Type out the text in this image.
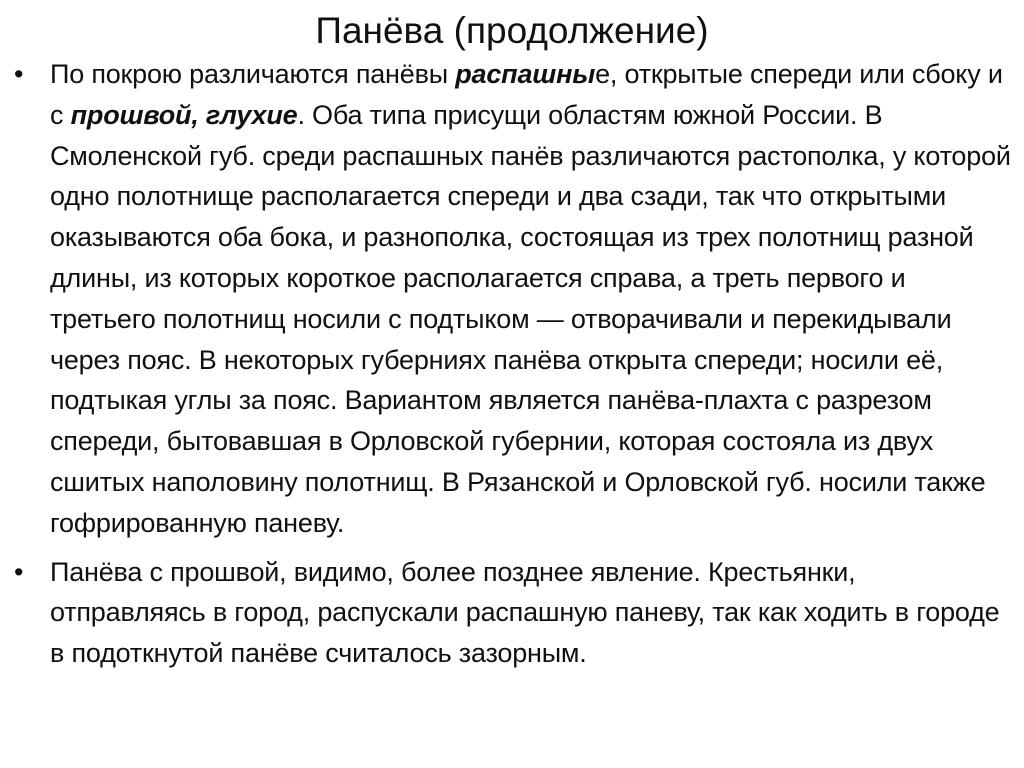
Панёва (продолжение)
• По покрою различаются панёвы распашные, открытые спереди или сбоку и с прошвой, глухие. Оба типа присущи областям южной России. В Смоленской губ. среди распашных панёв различаются растополка, у которой одно полотнище располагается спереди и два сзади, так что открытыми оказываются оба бока, и разнополка, состоящая из трех полотнищ разной длины, из которых короткое располагается справа, а треть первого и третьего полотнищ носили с подтыком — отворачивали и перекидывали через пояс. В некоторых губерниях панёва открыта спереди; носили её, подтыкая углы за пояс. Вариантом является панёва-плахта с разрезом спереди, бытовавшая в Орловской губернии, которая состояла из двух сшитых наполовину полотнищ. В Рязанской и Орловской губ. носили также гофрированную паневу.
• Панёва с прошвой, видимо, более позднее явление. Крестьянки, отправляясь в город, распускали распашную паневу, так как ходить в городе в подоткнутой панёве считалось зазорным.
